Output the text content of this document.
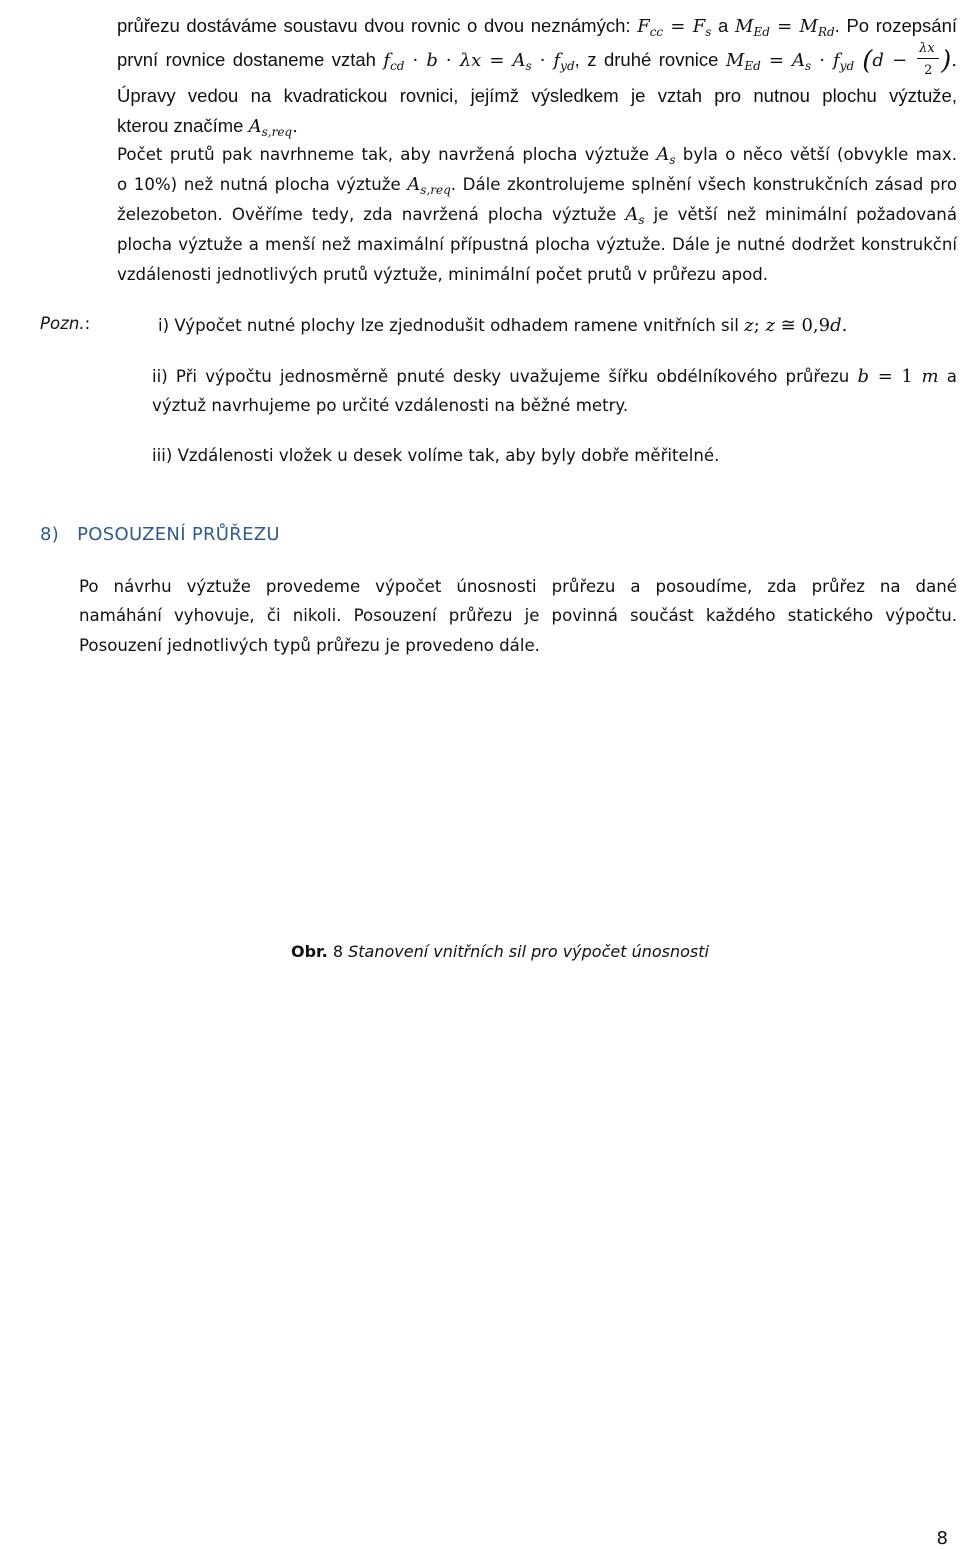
průřezu dostáváme soustavu dvou rovnic o dvou neznámých: $F_{cc} = F_s$ a $M_{Ed} = M_{Rd}$. Po rozepsání
první rovnice dostaneme vztah $f_{cd} \cdot b \cdot \lambda x = A_s \cdot f_{yd}$, z druhé rovnice $M_{Ed} = A_s \cdot f_{yd}$ ($d - \frac{\lambda x}{2}$ ).
Úpravy vedou na kvadratickou rovnici, jejímž výsledkem je vztah pro nutnou plochu výztuže,
kterou značíme $A_{s,req}$.
Počet prutů pak navrhneme tak, aby navržená plocha výztuže $A_s$ byla o něco větší (obvykle max.
o 10%) než nutná plocha výztuže $A_{s,req}$. Dále zkontrolujeme splnění všech konstrukčních zásad pro
železobeton. Ověříme tedy, zda navržená plocha výztuže $A_s$ je větší než minimální požadovaná
plocha výztuže a menší než maximální přípustná plocha výztuže. Dále je nutné dodržet konstrukční
vzdálenosti jednotlivých prutů výztuže, minimální počet prutů v průřezu apod.
Pozn.:	i) Výpočet nutné plochy lze zjednodušit odhadem ramene vnitřních sil z; z ≅ 0,9d.
ii) Při výpočtu jednosměrně pnuté desky uvažujeme šířku obdélníkového průřezu b = 1 m a
výztuž navrhujeme po určité vzdálenosti na běžné metry.
iii) Vzdálenosti vložek u desek volíme tak, aby byly dobře měřitelné.
8) POSOUZENÍ PRŮŘEZU
Po návrhu výztuže provedeme výpočet únosnosti průřezu a posoudíme, zda průřez na dané
namáhání vyhovuje, či nikoli. Posouzení průřezu je povinná součást každého statického výpočtu.
Posouzení jednotlivých typů průřezu je provedeno dále.
Obr. 8 Stanovení vnitřních sil pro výpočet únosnosti
8
